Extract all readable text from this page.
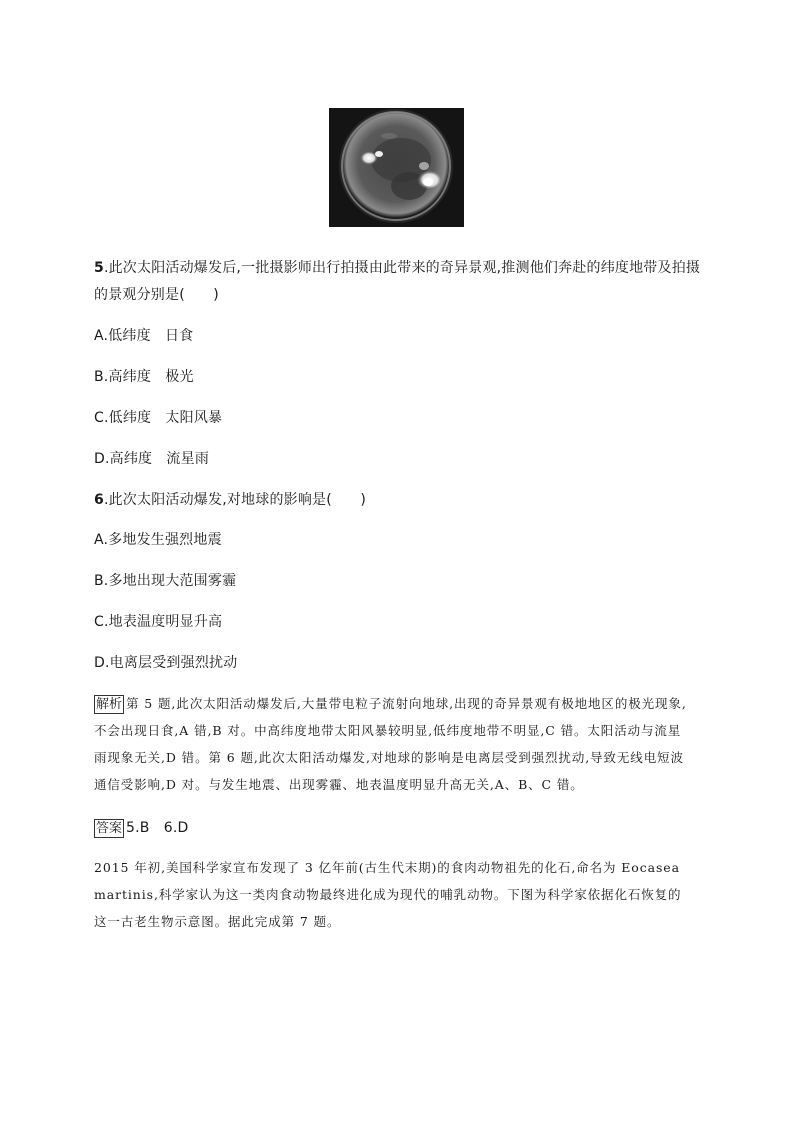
5.此次太阳活动爆发后,一批摄影师出行拍摄由此带来的奇异景观,推测他们奔赴的纬度地带及拍摄
的景观分别是(　　)
A.低纬度　日食
B.高纬度　极光
C.低纬度　太阳风暴
D.高纬度　流星雨
6.此次太阳活动爆发,对地球的影响是(　　)
A.多地发生强烈地震
B.多地出现大范围雾霾
C.地表温度明显升高
D.电离层受到强烈扰动
解析 第 5 题,此次太阳活动爆发后,大量带电粒子流射向地球,出现的奇异景观有极地地区的极光现象,
不会出现日食,A 错,B 对。中高纬度地带太阳风暴较明显,低纬度地带不明显,C 错。太阳活动与流星
雨现象无关,D 错。第 6 题,此次太阳活动爆发,对地球的影响是电离层受到强烈扰动,导致无线电短波
通信受影响,D 对。与发生地震、出现雾霾、地表温度明显升高无关,A、B、C 错。
答案 5.B　6.D
2015 年初,美国科学家宣布发现了 3 亿年前(古生代末期)的食肉动物祖先的化石,命名为 Eocasea
martinis,科学家认为这一类肉食动物最终进化成为现代的哺乳动物。下图为科学家依据化石恢复的
这一古老生物示意图。据此完成第 7 题。
